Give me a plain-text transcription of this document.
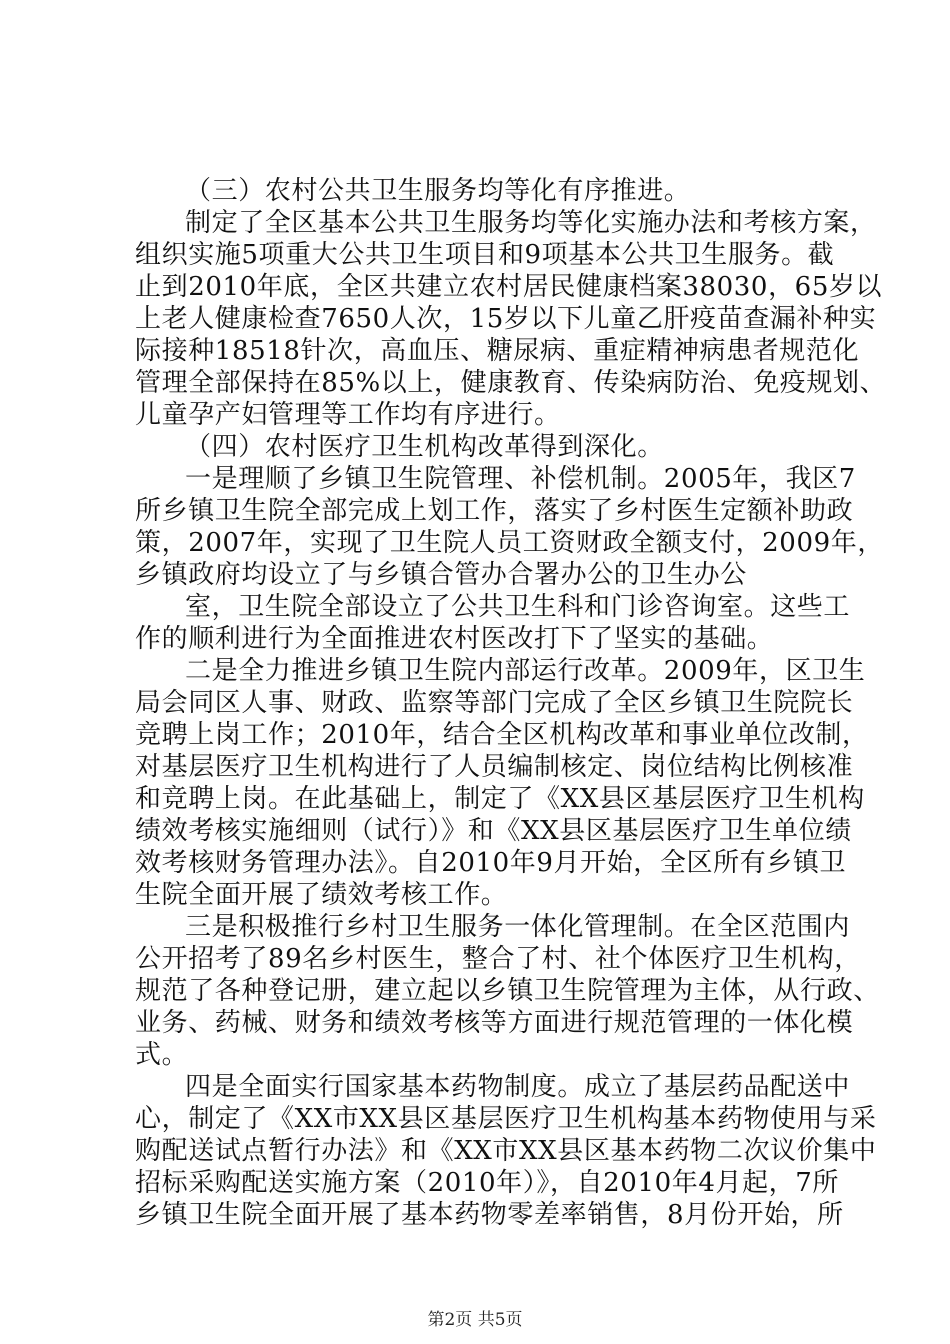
（三）农村公共卫生服务均等化有序推进。
制定了全区基本公共卫生服务均等化实施办法和考核方案，
组织实施5项重大公共卫生项目和9项基本公共卫生服务。截
止到2010年底，全区共建立农村居民健康档案38030，65岁以
上老人健康检查7650人次，15岁以下儿童乙肝疫苗查漏补种实
际接种18518针次，高血压、糖尿病、重症精神病患者规范化
管理全部保持在85%以上，健康教育、传染病防治、免疫规划、
儿童孕产妇管理等工作均有序进行。
（四）农村医疗卫生机构改革得到深化。
一是理顺了乡镇卫生院管理、补偿机制。2005年，我区7
所乡镇卫生院全部完成上划工作，落实了乡村医生定额补助政
策，2007年，实现了卫生院人员工资财政全额支付，2009年，
乡镇政府均设立了与乡镇合管办合署办公的卫生办公
室，卫生院全部设立了公共卫生科和门诊咨询室。这些工
作的顺利进行为全面推进农村医改打下了坚实的基础。
二是全力推进乡镇卫生院内部运行改革。2009年，区卫生
局会同区人事、财政、监察等部门完成了全区乡镇卫生院院长
竞聘上岗工作；2010年，结合全区机构改革和事业单位改制，
对基层医疗卫生机构进行了人员编制核定、岗位结构比例核准
和竞聘上岗。在此基础上，制定了《XX县区基层医疗卫生机构
绩效考核实施细则（试行）》和《XX县区基层医疗卫生单位绩
效考核财务管理办法》。自2010年9月开始，全区所有乡镇卫
生院全面开展了绩效考核工作。
三是积极推行乡村卫生服务一体化管理制。在全区范围内
公开招考了89名乡村医生，整合了村、社个体医疗卫生机构，
规范了各种登记册，建立起以乡镇卫生院管理为主体，从行政、
业务、药械、财务和绩效考核等方面进行规范管理的一体化模
式。
四是全面实行国家基本药物制度。成立了基层药品配送中
心，制定了《XX市XX县区基层医疗卫生机构基本药物使用与采
购配送试点暂行办法》和《XX市XX县区基本药物二次议价集中
招标采购配送实施方案（2010年）》，自2010年4月起，7所
乡镇卫生院全面开展了基本药物零差率销售，8月份开始，所
第2页 共5页
